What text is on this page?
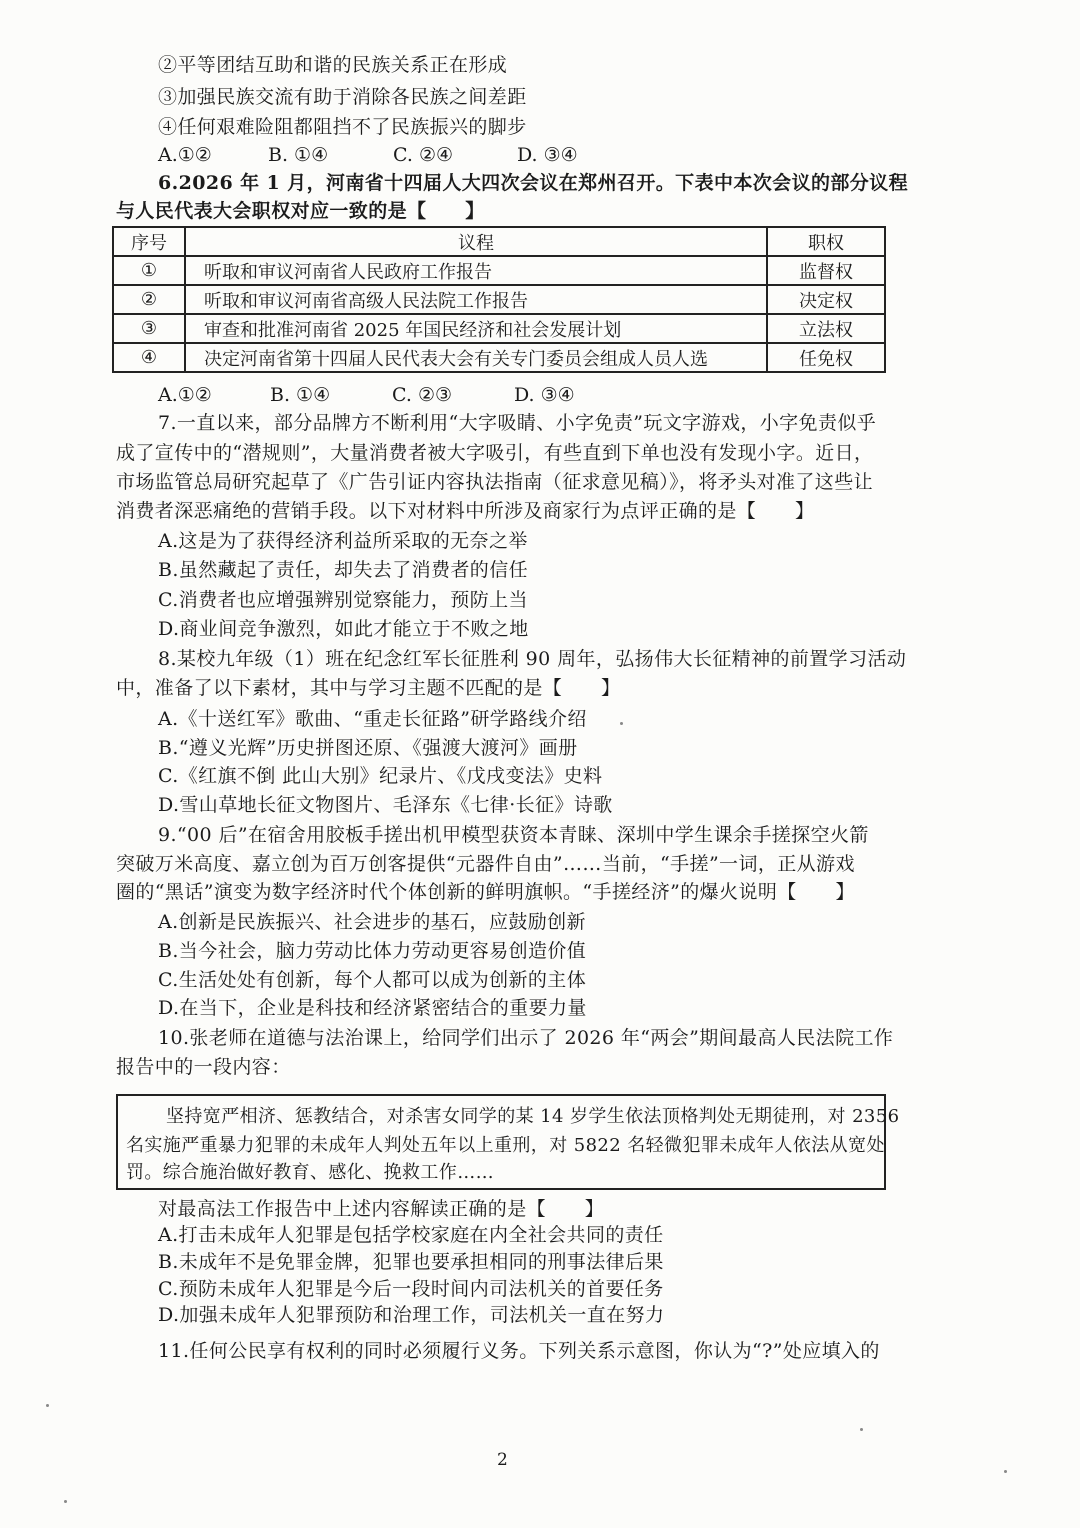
②平等团结互助和谐的民族关系正在形成
③加强民族交流有助于消除各民族之间差距
④任何艰难险阻都阻挡不了民族振兴的脚步
A.①②	B. ①④	C. ②④	D. ③④
6.2026 年 1 月，河南省十四届人大四次会议在郑州召开。下表中本次会议的部分议程
与人民代表大会职权对应一致的是【　　】
序号	议程	职权
①	听取和审议河南省人民政府工作报告	监督权
②	听取和审议河南省高级人民法院工作报告	决定权
③	审查和批准河南省 2025 年国民经济和社会发展计划	立法权
④	决定河南省第十四届人民代表大会有关专门委员会组成人员人选	任免权
A.①②	B. ①④	C. ②③	D. ③④
7.一直以来，部分品牌方不断利用“大字吸睛、小字免责”玩文字游戏，小字免责似乎
成了宣传中的“潜规则”，大量消费者被大字吸引，有些直到下单也没有发现小字。近日，
市场监管总局研究起草了《广告引证内容执法指南（征求意见稿）》，将矛头对准了这些让
消费者深恶痛绝的营销手段。以下对材料中所涉及商家行为点评正确的是【　　】
A.这是为了获得经济利益所采取的无奈之举
B.虽然藏起了责任，却失去了消费者的信任
C.消费者也应增强辨别觉察能力，预防上当
D.商业间竞争激烈，如此才能立于不败之地
8.某校九年级（1）班在纪念红军长征胜利 90 周年，弘扬伟大长征精神的前置学习活动
中，准备了以下素材，其中与学习主题不匹配的是【　　】
A.《十送红军》歌曲、“重走长征路”研学路线介绍
B.“遵义光辉”历史拼图还原、《强渡大渡河》画册
C.《红旗不倒 此山大别》纪录片、《戊戌变法》史料
D.雪山草地长征文物图片、毛泽东《七律·长征》诗歌
9.“00 后”在宿舍用胶板手搓出机甲模型获资本青睐、深圳中学生课余手搓探空火箭
突破万米高度、嘉立创为百万创客提供“元器件自由”……当前，“手搓”一词，正从游戏
圈的“黑话”演变为数字经济时代个体创新的鲜明旗帜。“手搓经济”的爆火说明【　　】
A.创新是民族振兴、社会进步的基石，应鼓励创新
B.当今社会，脑力劳动比体力劳动更容易创造价值
C.生活处处有创新，每个人都可以成为创新的主体
D.在当下，企业是科技和经济紧密结合的重要力量
10.张老师在道德与法治课上，给同学们出示了 2026 年“两会”期间最高人民法院工作
报告中的一段内容：
坚持宽严相济、惩教结合，对杀害女同学的某 14 岁学生依法顶格判处无期徒刑，对 2356
名实施严重暴力犯罪的未成年人判处五年以上重刑，对 5822 名轻微犯罪未成年人依法从宽处
罚。综合施治做好教育、感化、挽救工作……
对最高法工作报告中上述内容解读正确的是【　　】
A.打击未成年人犯罪是包括学校家庭在内全社会共同的责任
B.未成年不是免罪金牌，犯罪也要承担相同的刑事法律后果
C.预防未成年人犯罪是今后一段时间内司法机关的首要任务
D.加强未成年人犯罪预防和治理工作，司法机关一直在努力
11.任何公民享有权利的同时必须履行义务。下列关系示意图，你认为“?”处应填入的
2
